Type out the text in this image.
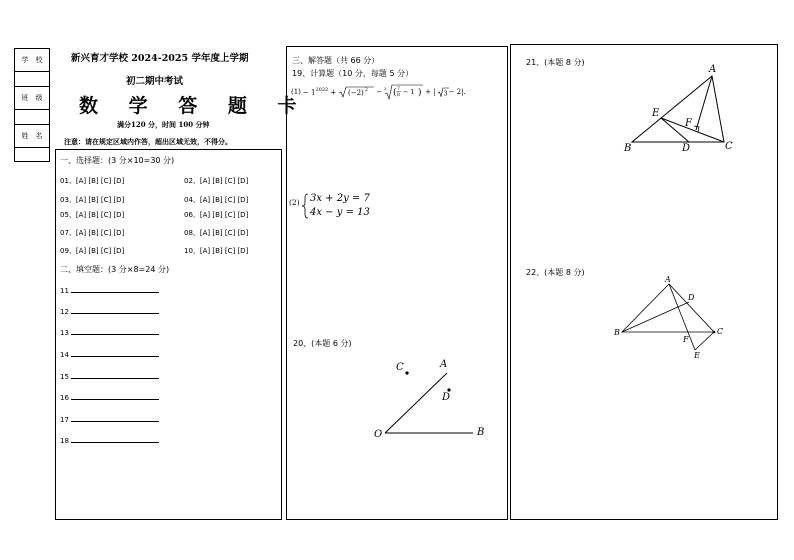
学　校
班　级
姓　名
新兴育才学校 2024-2025 学年度上学期
初二期中考试
数 学 答 题 卡
满分120 分，时间 100 分钟
注意：请在规定区域内作答，超出区域无效，不得分。
一、选择题：(3 分×10=30 分)
01、[A] [B] [C] [D]	02、[A] [B] [C] [D]
03、[A] [B] [C] [D]	04、[A] [B] [C] [D]
05、[A] [B] [C] [D]	06、[A] [B] [C] [D]
07、[A] [B] [C] [D]	08、[A] [B] [C] [D]
09、[A] [B] [C] [D]	10、[A] [B] [C] [D]
二、填空题：(3 分×8=24 分)
11
12
13
14
15
16
17
18
三、解答题（共 66 分）
19、计算题（10 分，每题 5 分）
$(1) - 1^{2022} + (-2) 2 - 3$ ( 7
8 − 1 ) + | 3 − 2|.
(2) 3x + 2y = 7
4x − y = 13
20、(本题 6 分)
C	A
D
O	B
21、(本题 8 分)
A
E
F
B	D	C
22、(本题 8 分)
A
D
B	C
F
E
